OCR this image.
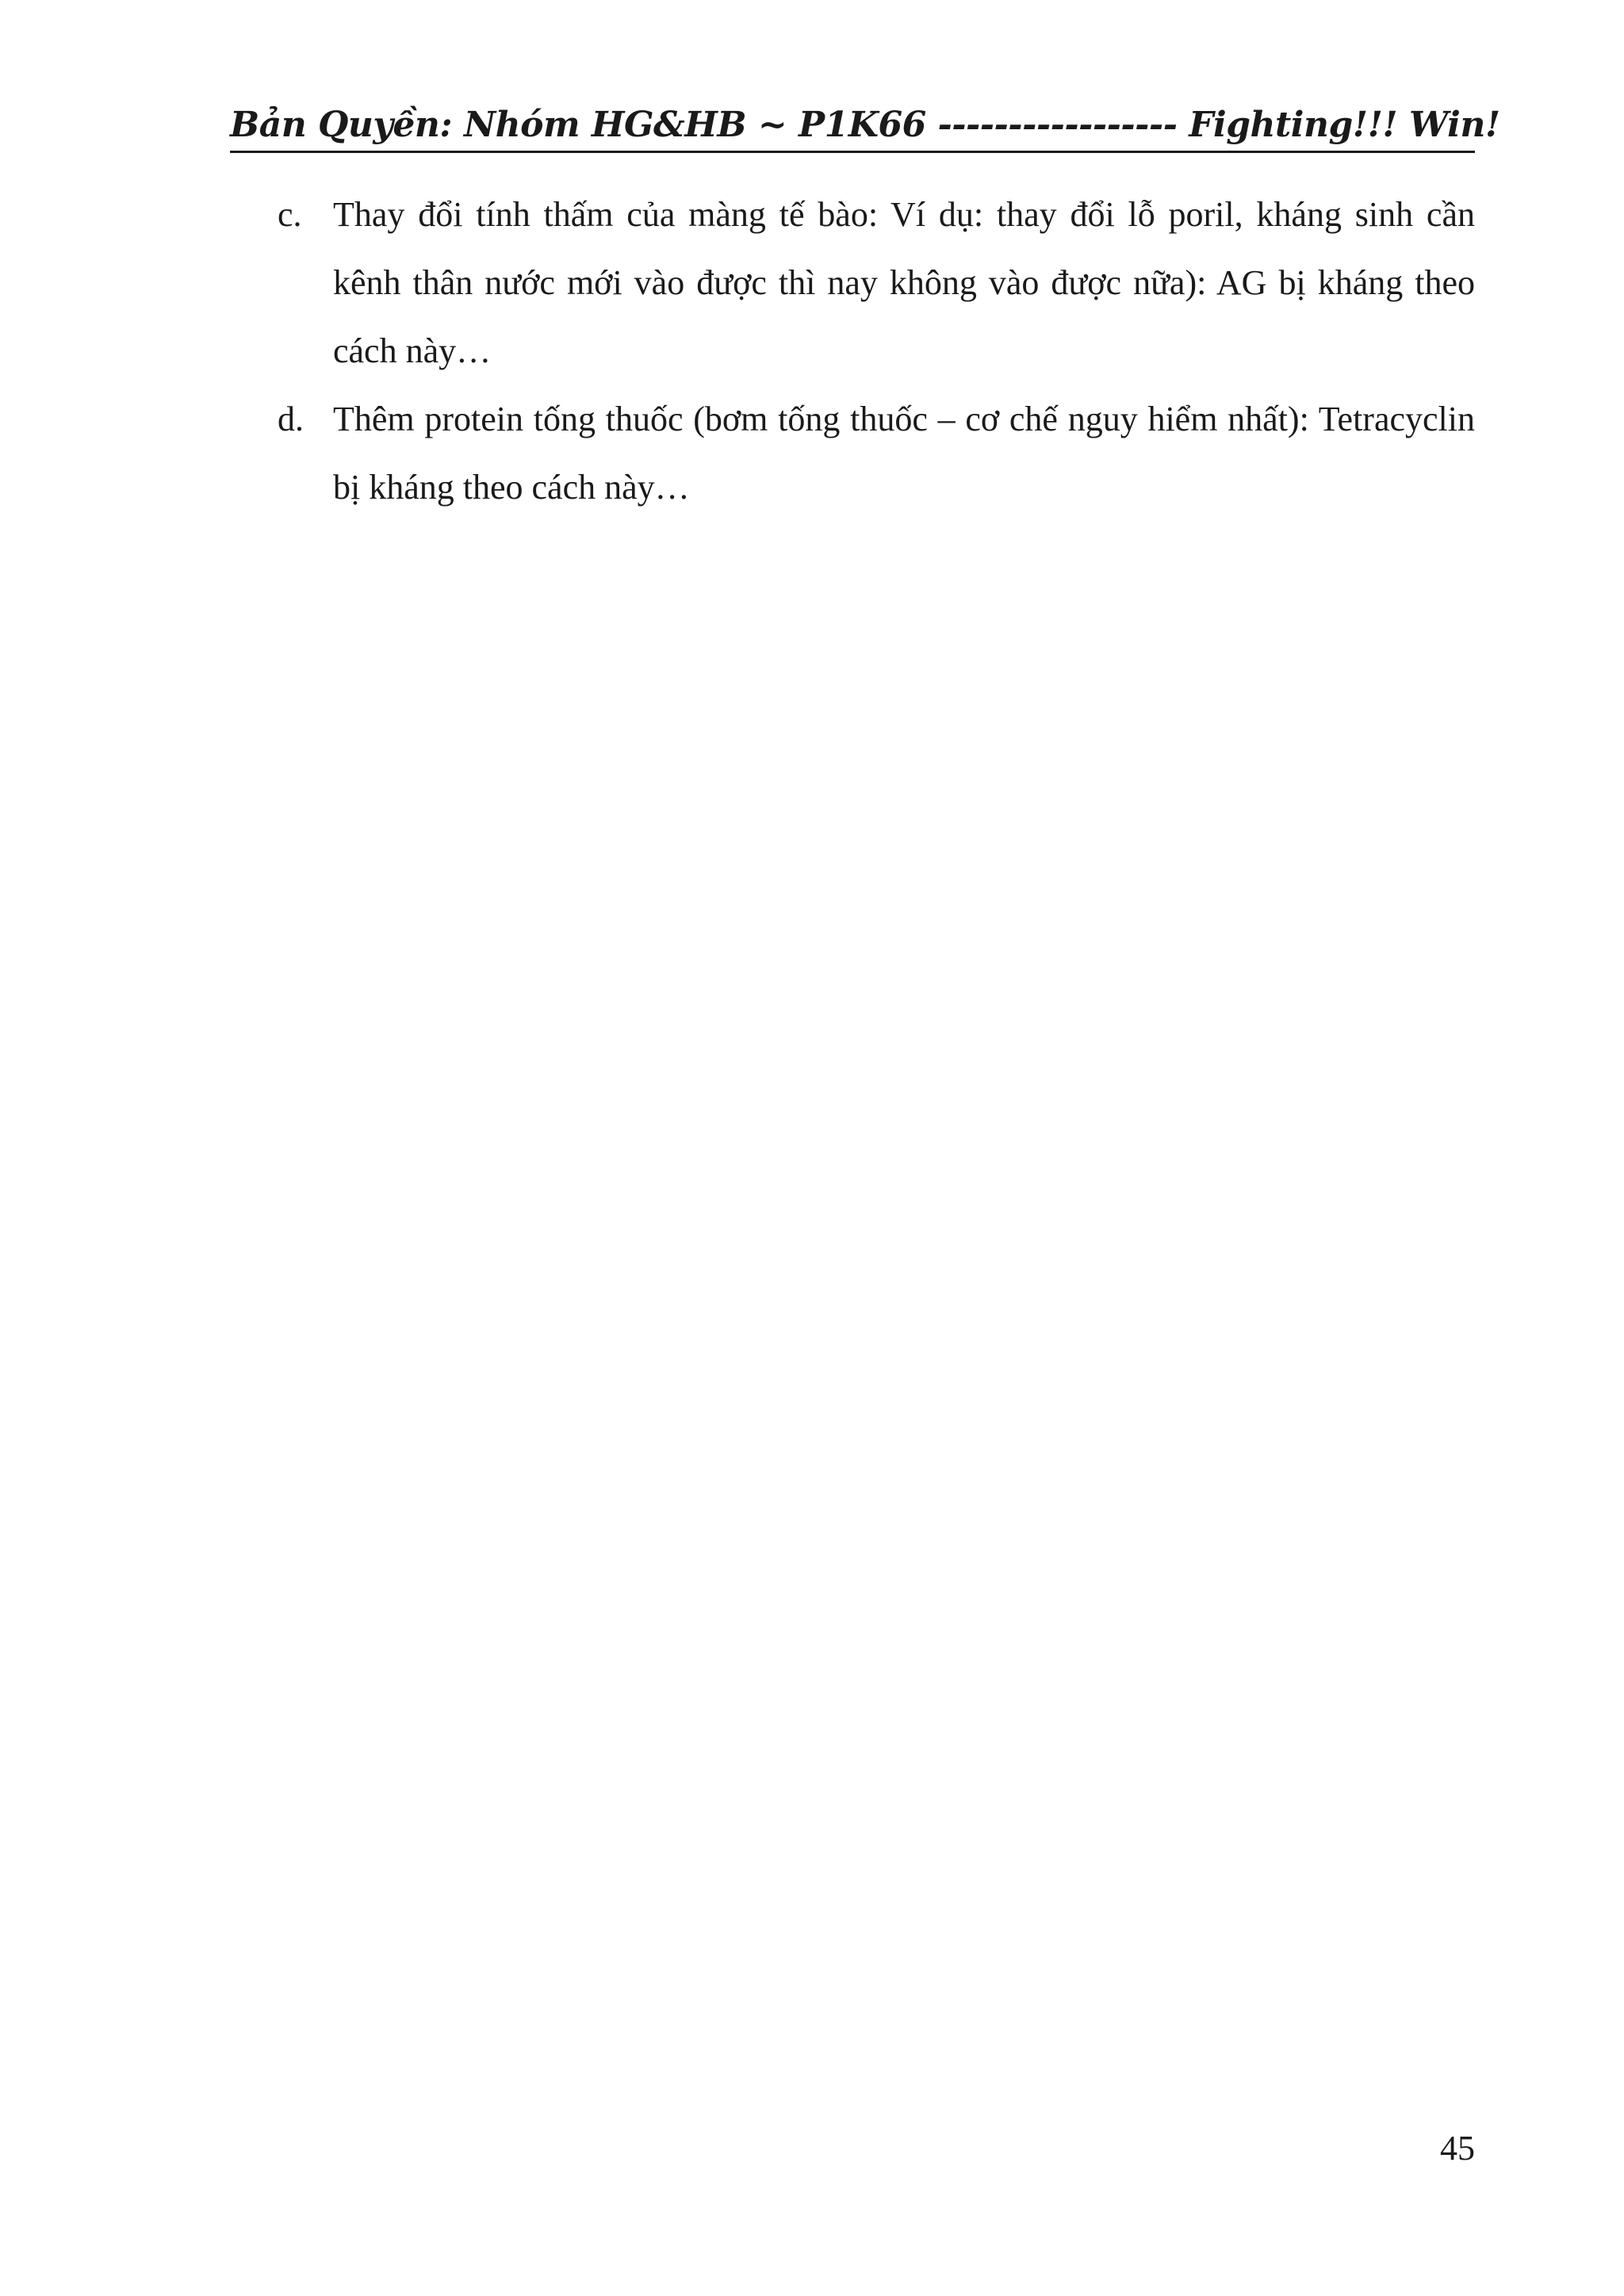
Bản Quyền: Nhóm HG&HB ~ P1K66 ----------------- Fighting!!! Win!
c. Thay đổi tính thấm của màng tế bào: Ví dụ: thay đổi lỗ poril, kháng sinh cần kênh thân nước mới vào được thì nay không vào được nữa): AG bị kháng theo cách này…
d. Thêm protein tống thuốc (bơm tống thuốc – cơ chế nguy hiểm nhất): Tetracyclin bị kháng theo cách này…
45
